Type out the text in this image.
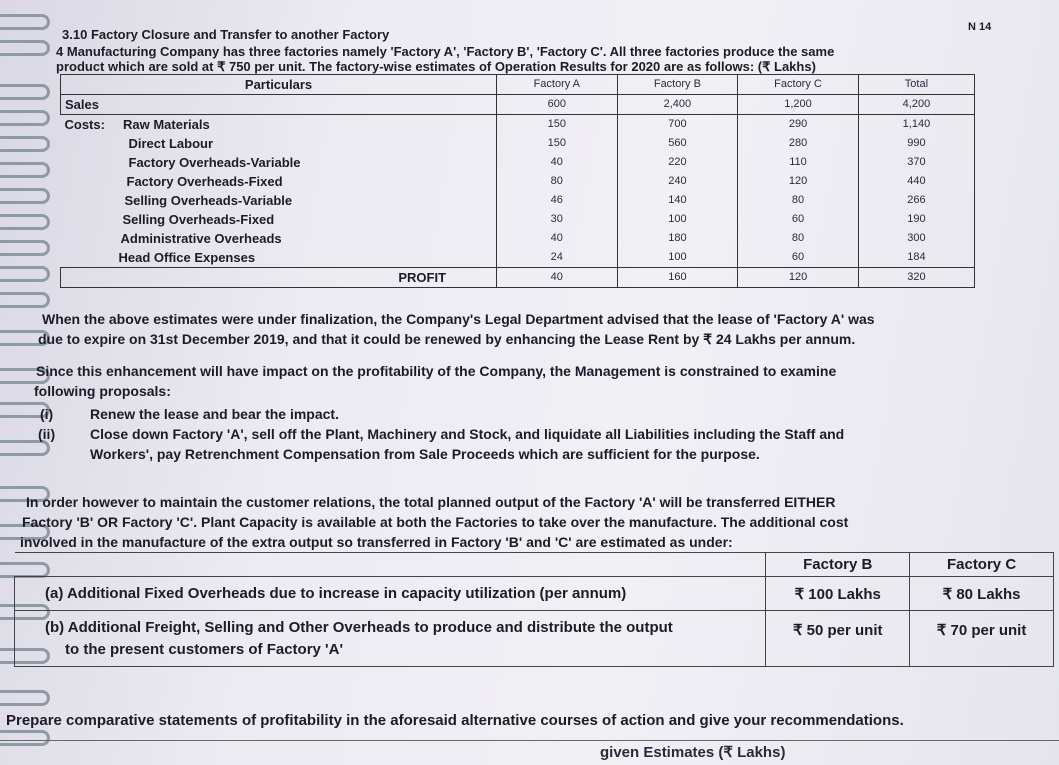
3.10 Factory Closure and Transfer to another Factory	N 14
4 Manufacturing Company has three factories namely 'Factory A', 'Factory B', 'Factory C'. All three factories produce the same
product which are sold at ₹ 750 per unit. The factory-wise estimates of Operation Results for 2020 are as follows: (₹ Lakhs)
Particulars	Factory A	Factory B	Factory C	Total
Sales	600	2,400	1,200	4,200
Costs: Raw Materials	150	700	290	1,140
Direct Labour	150	560	280	990
Factory Overheads-Variable	40	220	110	370
Factory Overheads-Fixed	80	240	120	440
Selling Overheads-Variable	46	140	80	266
Selling Overheads-Fixed	30	100	60	190
Administrative Overheads	40	180	80	300
Head Office Expenses	24	100	60	184
PROFIT	40	160	120	320
When the above estimates were under finalization, the Company's Legal Department advised that the lease of 'Factory A' was
due to expire on 31st December 2019, and that it could be renewed by enhancing the Lease Rent by ₹ 24 Lakhs per annum.
Since this enhancement will have impact on the profitability of the Company, the Management is constrained to examine
following proposals:
(i)	Renew the lease and bear the impact.
(ii) Close down Factory 'A', sell off the Plant, Machinery and Stock, and liquidate all Liabilities including the Staff and
Workers', pay Retrenchment Compensation from Sale Proceeds which are sufficient for the purpose.
In order however to maintain the customer relations, the total planned output of the Factory 'A' will be transferred EITHER
Factory 'B' OR Factory 'C'. Plant Capacity is available at both the Factories to take over the manufacture. The additional cost
involved in the manufacture of the extra output so transferred in Factory 'B' and 'C' are estimated as under:
	Factory B	Factory C
(a) Additional Fixed Overheads due to increase in capacity utilization (per annum)	₹ 100 Lakhs	₹ 80 Lakhs
(b) Additional Freight, Selling and Other Overheads to produce and distribute the output
to the present customers of Factory 'A'	₹ 50 per unit	₹ 70 per unit
Prepare comparative statements of profitability in the aforesaid alternative courses of action and give your recommendations.
given Estimates (₹ Lakhs)
